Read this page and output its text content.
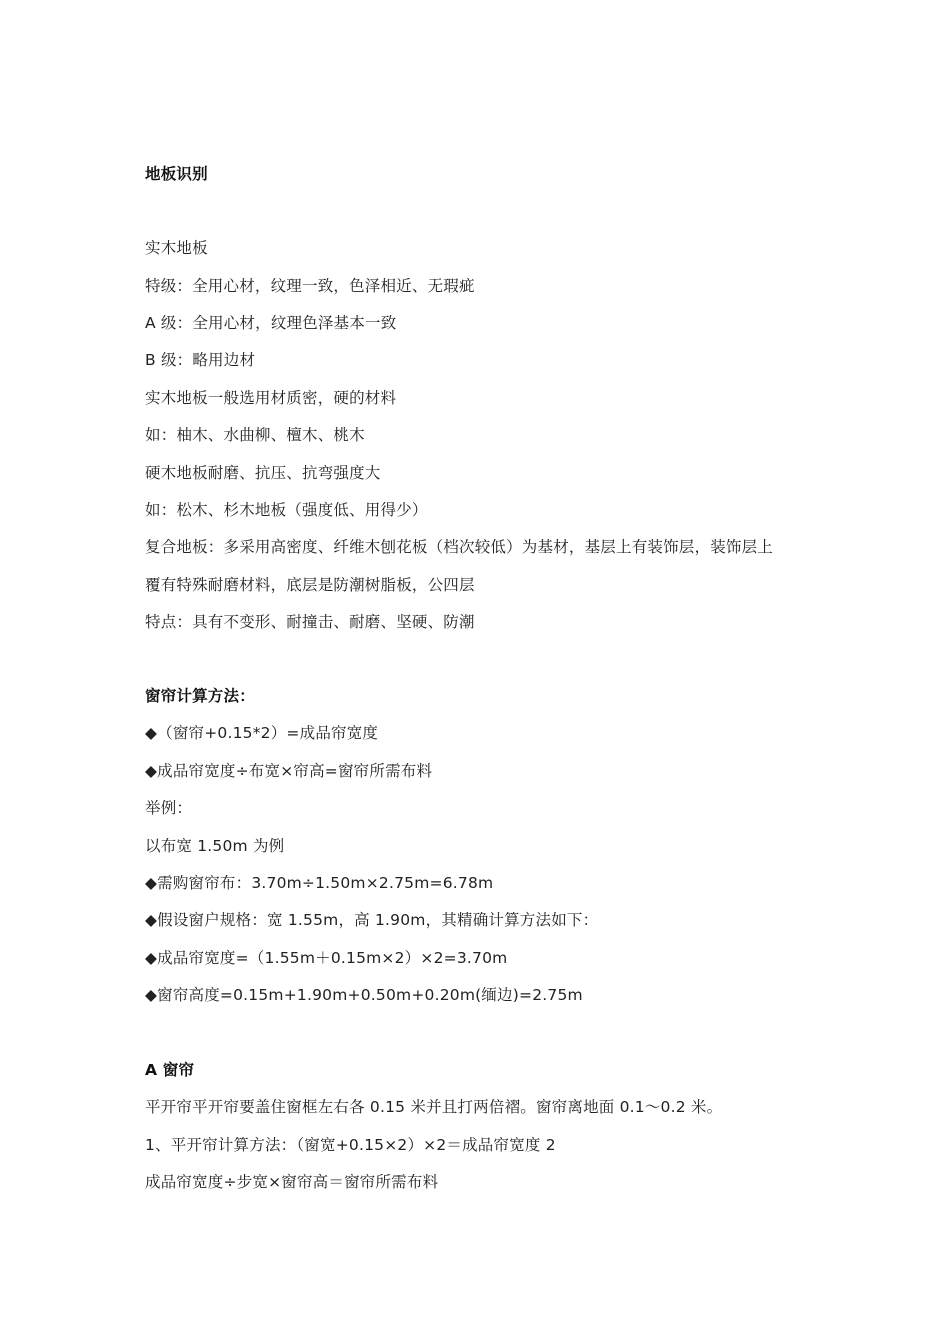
地板识别
实木地板
特级：全用心材，纹理一致，色泽相近、无瑕疵
A 级：全用心材，纹理色泽基本一致
B 级：略用边材
实木地板一般选用材质密，硬的材料
如：柚木、水曲柳、檀木、桃木
硬木地板耐磨、抗压、抗弯强度大
如：松木、杉木地板（强度低、用得少）
复合地板：多采用高密度、纤维木刨花板（档次较低）为基材，基层上有装饰层，装饰层上
覆有特殊耐磨材料，底层是防潮树脂板，公四层
特点：具有不变形、耐撞击、耐磨、坚硬、防潮
窗帘计算方法：
◆（窗帘+0.15*2）=成品帘宽度
◆成品帘宽度÷布宽×帘高=窗帘所需布料
举例：
以布宽 1.50m 为例
◆需购窗帘布：3.70m÷1.50m×2.75m=6.78m
◆假设窗户规格：宽 1.55m，高 1.90m，其精确计算方法如下：
◆成品帘宽度=（1.55m＋0.15m×2）×2=3.70m
◆窗帘高度=0.15m+1.90m+0.50m+0.20m(缅边)=2.75m
A 窗帘
平开帘平开帘要盖住窗框左右各 0.15 米并且打两倍褶。窗帘离地面 0.1～0.2 米。
1、平开帘计算方法：（窗宽+0.15×2）×2＝成品帘宽度 2
成品帘宽度÷步宽×窗帘高＝窗帘所需布料
